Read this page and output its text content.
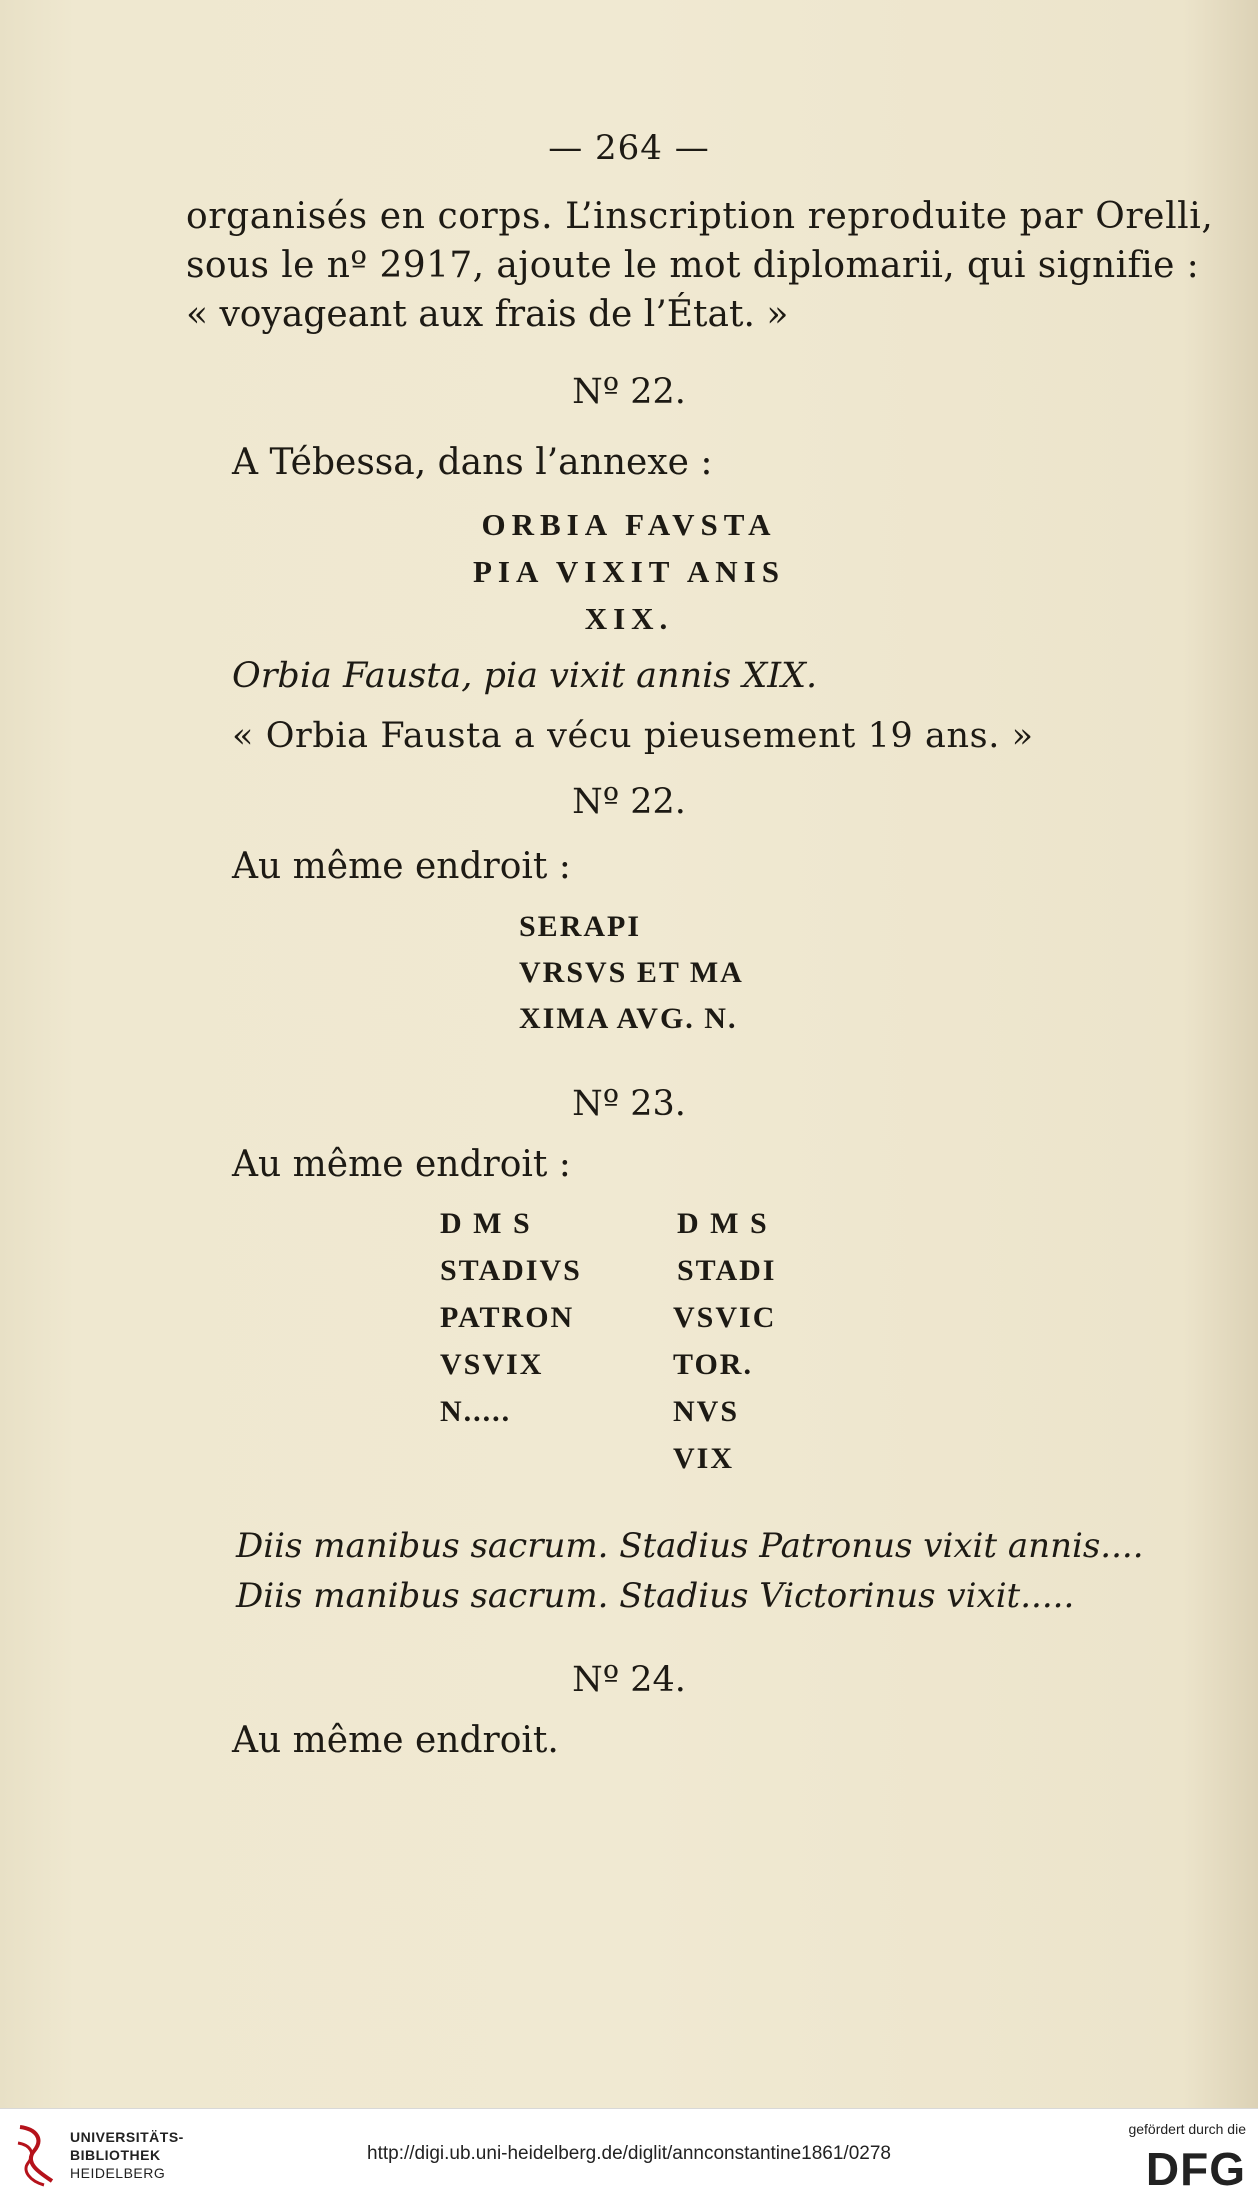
— 264 —
organisés en corps. L’inscription reproduite par Orelli,
sous le nº 2917, ajoute le mot diplomarii, qui signifie :
« voyageant aux frais de l’État. »
Nº 22.
A Tébessa, dans l’annexe :
ORBIA FAVSTA
PIA VIXIT ANIS
XIX.
Orbia Fausta, pia vixit annis XIX.
« Orbia Fausta a vécu pieusement 19 ans. »
Nº 22.
Au même endroit :
SERAPI
VRSVS ET MA
XIMA AVG. N.
Nº 23.
Au même endroit :
D M S
STADIVS
PATRON
VSVIX
N.....
D M S
STADI
VSVIC
TOR.
NVS
VIX
Diis manibus sacrum. Stadius Patronus vixit annis....
Diis manibus sacrum. Stadius Victorinus vixit.....
Nº 24.
Au même endroit.
UNIVERSITÄTS-
BIBLIOTHEK
HEIDELBERG
http://digi.ub.uni-heidelberg.de/diglit/annconstantine1861/0278
gefördert durch die
DFG
